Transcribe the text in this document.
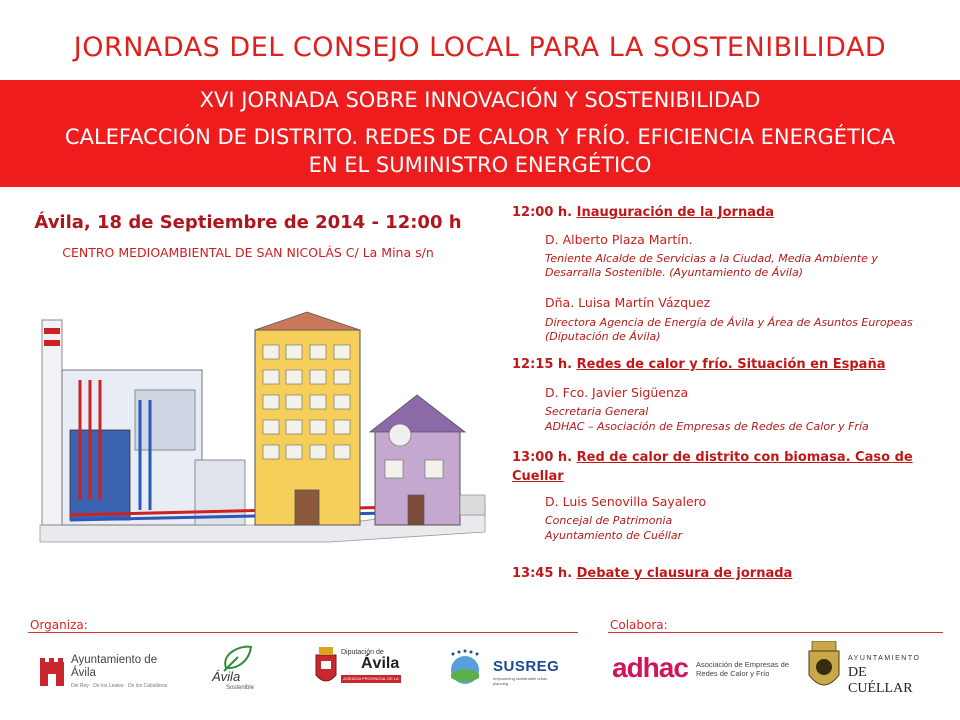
JORNADAS DEL CONSEJO LOCAL PARA LA SOSTENIBILIDAD
XVI JORNADA SOBRE INNOVACIÓN Y SOSTENIBILIDAD
CALEFACCIÓN DE DISTRITO. REDES DE CALOR Y FRÍO. EFICIENCIA ENERGÉTICA EN EL SUMINISTRO ENERGÉTICO
Ávila, 18 de Septiembre de 2014 - 12:00 h
CENTRO MEDIOAMBIENTAL DE SAN NICOLÁS C/ La Mina s/n
12:00 h. Inauguración de la Jornada
D. Alberto Plaza Martín.
Teniente Alcalde de Servicias a la Ciudad, Media Ambiente y Desarralla Sostenible. (Ayuntamiento de Ávila)
Dña. Luisa Martín Vázquez
Directora Agencia de Energía de Ávila y Área de Asuntos Europeas (Diputación de Ávila)
12:15 h. Redes de calor y frío. Situación en España
D. Fco. Javier Sigüenza
Secretaria General
ADHAC – Asociación de Empresas de Redes de Calor y Fría
13:00 h. Red de calor de distrito con biomasa. Caso de Cuellar
D. Luis Senovilla Sayalero
Concejal de Patrimonia
Ayuntamiento de Cuéllar
13:45 h. Debate y clausura de jornada
Organiza:	Colabora:
Ayuntamiento de Ávila
Del Rey · De los Leales · De los Caballeros
Ávila
Sostenible
Diputación de
Ávila
AGENCIA PROVINCIAL DE LA ENERGÍA
SUSREG
empowering sustainable urban planning
adhac Asociación de Empresas de Redes de Calor y Frío
AYUNTAMIENTO
DE CUÉLLAR
